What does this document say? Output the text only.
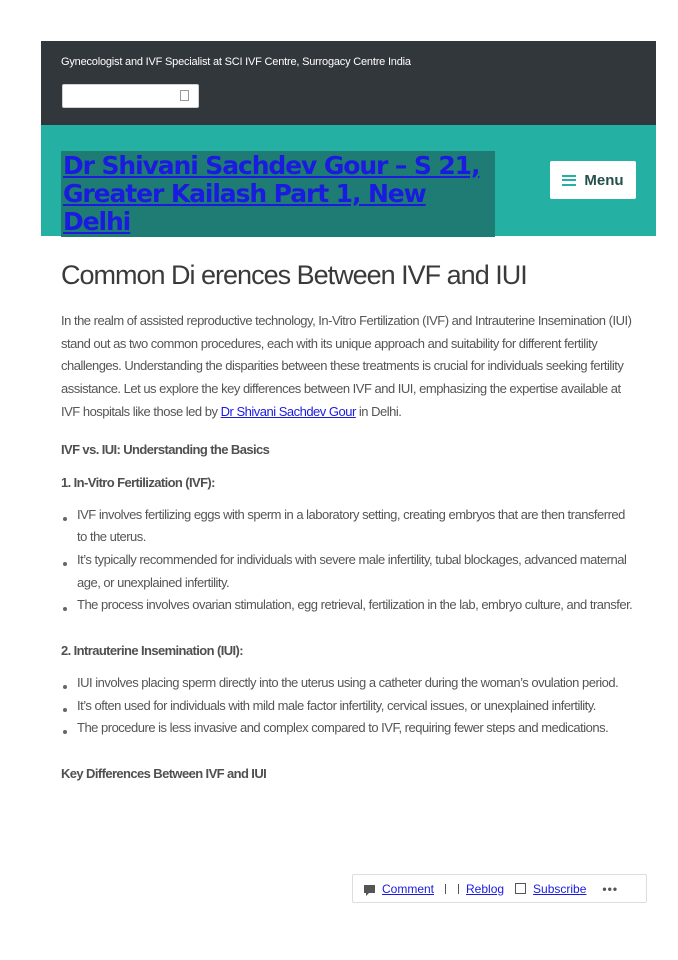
Gynecologist and IVF Specialist at SCI IVF Centre, Surrogacy Centre India
Dr Shivani Sachdev Gour – S 21, Greater Kailash Part 1, New Delhi
Menu
Common Di erences Between IVF and IUI

In the realm of assisted reproductive technology, In-Vitro Fertilization (IVF) and Intrauterine Insemination (IUI) stand out as two common procedures, each with its unique approach and suitability for different fertility challenges. Understanding the disparities between these treatments is crucial for individuals seeking fertility assistance. Let us explore the key differences between IVF and IUI, emphasizing the expertise available at IVF hospitals like those led by Dr Shivani Sachdev Gour in Delhi.

IVF vs. IUI: Understanding the Basics
1. In-Vitro Fertilization (IVF):
IVF involves fertilizing eggs with sperm in a laboratory setting, creating embryos that are then transferred to the uterus.
It’s typically recommended for individuals with severe male infertility, tubal blockages, advanced maternal age, or unexplained infertility.
The process involves ovarian stimulation, egg retrieval, fertilization in the lab, embryo culture, and transfer.
2. Intrauterine Insemination (IUI):
IUI involves placing sperm directly into the uterus using a catheter during the woman’s ovulation period.
It’s often used for individuals with mild male factor infertility, cervical issues, or unexplained infertility.
The procedure is less invasive and complex compared to IVF, requiring fewer steps and medications.
Key Differences Between IVF and IUI
Comment	Reblog Subscribe •••
